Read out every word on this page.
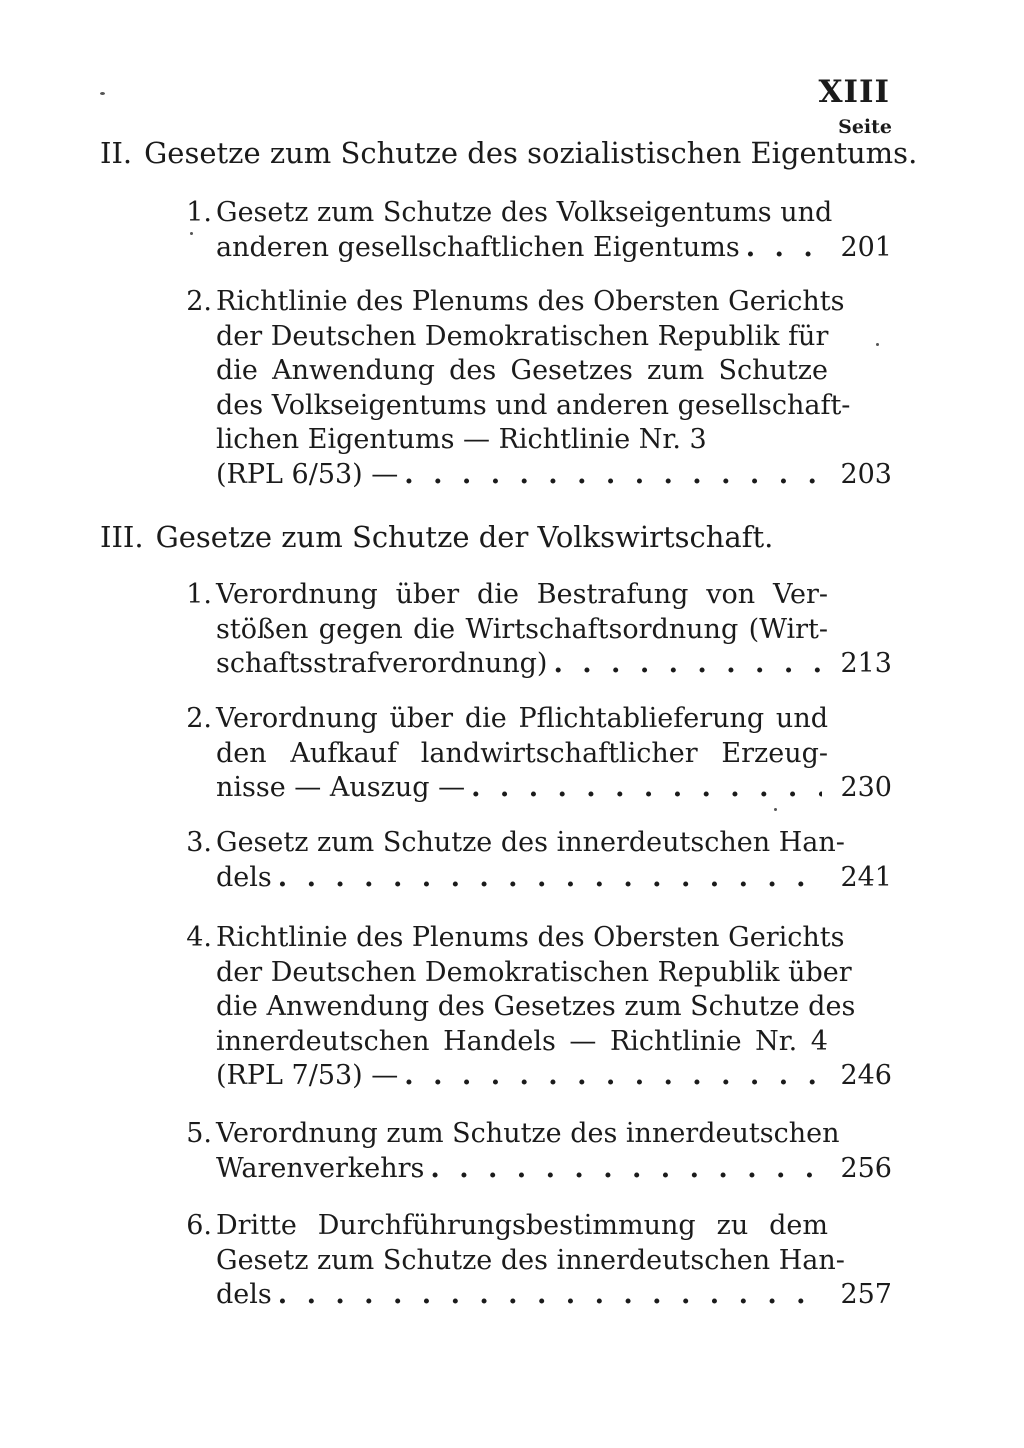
XIII
Seite
II. Gesetze zum Schutze des sozialistischen Eigentums.
1. Gesetz zum Schutze des Volkseigentums und
anderen gesellschaftlichen Eigentums . . .	201
2. Richtlinie des Plenums des Obersten Gerichts
der Deutschen Demokratischen Republik für
die Anwendung des Gesetzes zum Schutze
des Volkseigentums und anderen gesellschaft-
lichen Eigentums — Richtlinie Nr. 3
(RPL 6/53) — . . .	203
III. Gesetze zum Schutze der Volkswirtschaft.
1. Verordnung über die Bestrafung von Ver-
stößen gegen die Wirtschaftsordnung (Wirt-
schaftsstrafverordnung) . . .	213
2. Verordnung über die Pflichtablieferung und
den Aufkauf landwirtschaftlicher Erzeug-
nisse — Auszug — . . .	230
3. Gesetz zum Schutze des innerdeutschen Han-
dels . . .	241
4. Richtlinie des Plenums des Obersten Gerichts
der Deutschen Demokratischen Republik über
die Anwendung des Gesetzes zum Schutze des
innerdeutschen Handels — Richtlinie Nr. 4
(RPL 7/53) — . . .	246
5. Verordnung zum Schutze des innerdeutschen
Warenverkehrs . . .	256
6. Dritte Durchführungsbestimmung zu dem
Gesetz zum Schutze des innerdeutschen Han-
dels . . .	257
